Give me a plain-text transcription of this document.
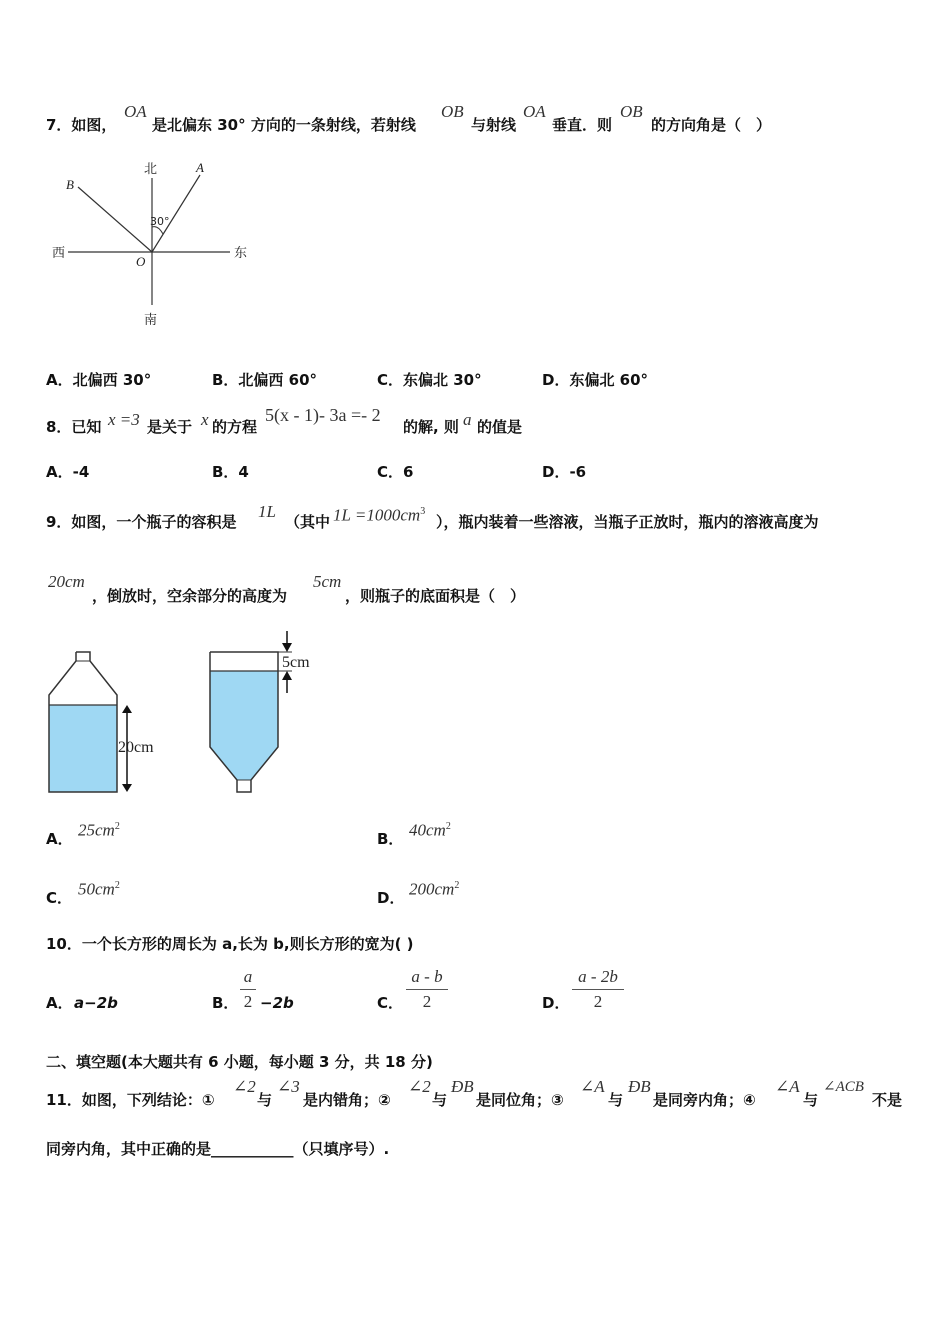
7．如图，
OA
是北偏东 30° 方向的一条射线，若射线
OB
与射线
OA
垂直．则
OB
的方向角是（　）
北
南
西	东
A
B
O
30°
A．北偏西 30°	B．北偏西 60°	C．东偏北 30°	D．东偏北 60°
8．已知 x =3 是关于 x 的方程
5(x - 1)- 3a =- 2
的解, 则 a 的值是
A．-4	B．4	C．6	D．-6
9．如图，一个瓶子的容积是
1L
（其中 $1L =1000cm^3$
），瓶内装着一些溶液，当瓶子正放时，瓶内的溶液高度为
20cm
，倒放时，空余部分的高度为
5cm
，则瓶子的底面积是（　）
20cm
5cm
A． $25cm^2$
B． $40cm^2$
C． $50cm^2$
D． $200cm^2$
10．一个长方形的周长为 a,长为 b,则长方形的宽为( )
A． a−2b	B．
a
2 −2b	C．
a - b
2	D．
a - 2b
2
二、填空题(本大题共有 6 小题，每小题 3 分，共 18 分)
11．如图，下列结论：①
∠2
与
∠3
是内错角；②
∠2
与
ÐB
是同位角；③
∠A
与
ÐB
是同旁内角；④
∠A
与
∠ACB
不是
同旁内角，其中正确的是___________（只填序号）.
